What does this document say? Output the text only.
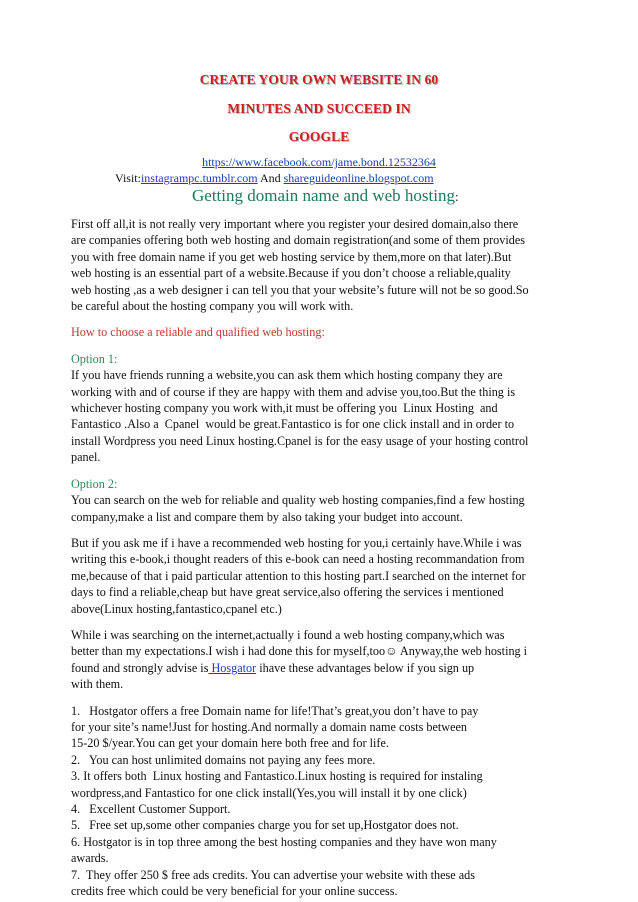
CREATE YOUR OWN WEBSITE IN 60
MINUTES AND SUCCEED IN
GOOGLE
https://www.facebook.com/jame.bond.12532364
Visit:instagrampc.tumblr.com And shareguideonline.blogspot.com
Getting domain name and web hosting:

First off all,it is not really very important where you register your desired domain,also there
are companies offering both web hosting and domain registration(and some of them provides
you with free domain name if you get web hosting service by them,more on that later).But
web hosting is an essential part of a website.Because if you don’t choose a reliable,quality
web hosting ,as a web designer i can tell you that your website’s future will not be so good.So
be careful about the hosting company you will work with.

How to choose a reliable and qualified web hosting:

Option 1:

If you have friends running a website,you can ask them which hosting company they are
working with and of course if they are happy with them and advise you,too.But the thing is
whichever hosting company you work with,it must be offering you  Linux Hosting  and
Fantastico .Also a  Cpanel  would be great.Fantastico is for one click install and in order to
install Wordpress you need Linux hosting.Cpanel is for the easy usage of your hosting control
panel.

Option 2:

You can search on the web for reliable and quality web hosting companies,find a few hosting
company,make a list and compare them by also taking your budget into account.

But if you ask me if i have a recommended web hosting for you,i certainly have.While i was
writing this e-book,i thought readers of this e-book can need a hosting recommandation from
me,because of that i paid particular attention to this hosting part.I searched on the internet for
days to find a reliable,cheap but have great service,also offering the services i mentioned
above(Linux hosting,fantastico,cpanel etc.)

While i was searching on the internet,actually i found a web hosting company,which was
better than my expectations.I wish i had done this for myself,too☺ Anyway,the web hosting i
found and strongly advise is Hosgator ihave these advantages below if you sign up
with them.

1.   Hostgator offers a free Domain name for life!That’s great,you don’t have to pay
for your site’s name!Just for hosting.And normally a domain name costs between
15-20 $/year.You can get your domain here both free and for life.
2.   You can host unlimited domains not paying any fees more.
3. It offers both  Linux hosting and Fantastico.Linux hosting is required for instaling
wordpress,and Fantastico for one click install(Yes,you will install it by one click)
4.   Excellent Customer Support.
5.   Free set up,some other companies charge you for set up,Hostgator does not.
6. Hostgator is in top three among the best hosting companies and they have won many
awards.
7.  They offer 250 $ free ads credits. You can advertise your website with these ads
credits free which could be very beneficial for your online success.
